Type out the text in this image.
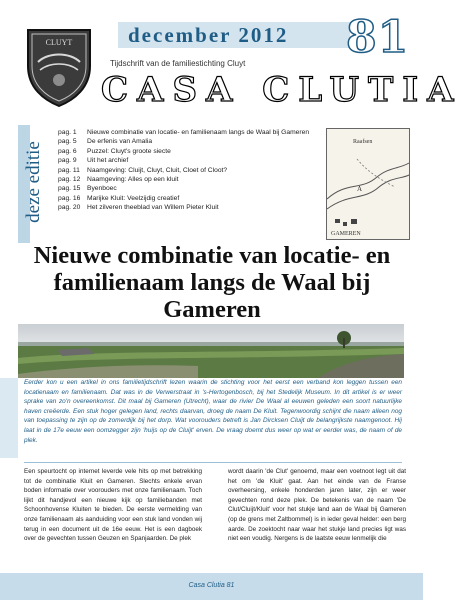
CLUYT	december 2012 81
Tijdschrift van de familiestichting Cluyt
CASA CLUTIA
deze editie
pag. 1	Nieuwe combinatie van locatie- en familienaam langs de Waal bij Gameren
pag. 5	De erfenis van Amalia
pag. 6	Puzzel: Cluyt's groote siecte
pag. 9	Uit het archief
pag. 11	Naamgeving: Cluijt, Cluyt, Cluit, Cloet of Cloot?
pag. 12 Naamgeving: Alles op een kluit
pag. 15 Byenboec
pag. 16 Marijke Kluit: Veelzijdig creatief
pag. 20 Het zilveren theeblad van Willem Pieter Kluit
Raafsen
A
GAMEREN
Nieuwe combinatie van locatie- en familienaam langs de Waal bij Gameren
Eerder kon u een artikel in ons familietijdschrift lezen waarin de stichting voor het eerst een verband kon leggen tussen een locatienaam en familienaam. Dat was in de Verwerstraat in 's-Hertogenbosch, bij het Stedelijk Museum. In dit artikel is er weer sprake van zo'n overeenkomst. Dit maal bij Gameren (Utrecht), waar de rivier De Waal al eeuwen geleden een soort natuurlijke haven creëerde. Een stuk hoger gelegen land, rechts daarvan, droeg de naam De Kluit. Tegenwoordig schijnt die naam alleen nog van toepassing te zijn op de zomerdijk bij het dorp. Wat voorouders betreft is Jan Dircksen Cluijt de belangrijkste naamgenoot. Hij laat in de 17e eeuw een oomzegger zijn 'huijs op de Cluijt' erven. De vraag doemt dus weer op wat er eerder was, de naam of de plek.
Een speurtocht op internet leverde vele hits op met betrekking tot de combinatie Kluit en Gameren. Slechts enkele ervan boden informatie over voorouders met onze familienaam. Toch lijkt dit handjevol een nieuwe kijk op familiebanden met Schoonhovense Kluiten te bieden. De eerste vermelding van onze familienaam als aanduiding voor een stuk land vonden wij terug in een document uit de 16e eeuw. Het is een dagboek over de gevechten tussen Geuzen en Spanjaarden. De plek
wordt daarin 'de Clut' genoemd, maar een voetnoot legt uit dat het om 'de Kluit' gaat. Aan het einde van de Franse overheersing, enkele honderden jaren later, zijn er weer gevechten rond deze plek. De betekenis van de naam 'De Clut/Cluijt/Kluit' voor het stukje land aan de Waal bij Gameren (op de grens met Zaltbommel) is in ieder geval helder: een berg aarde. De zoektocht naar waar het stukje land precies ligt was niet een voudig. Nergens is de laatste eeuw lenmelijk die
Casa Clutia 81
